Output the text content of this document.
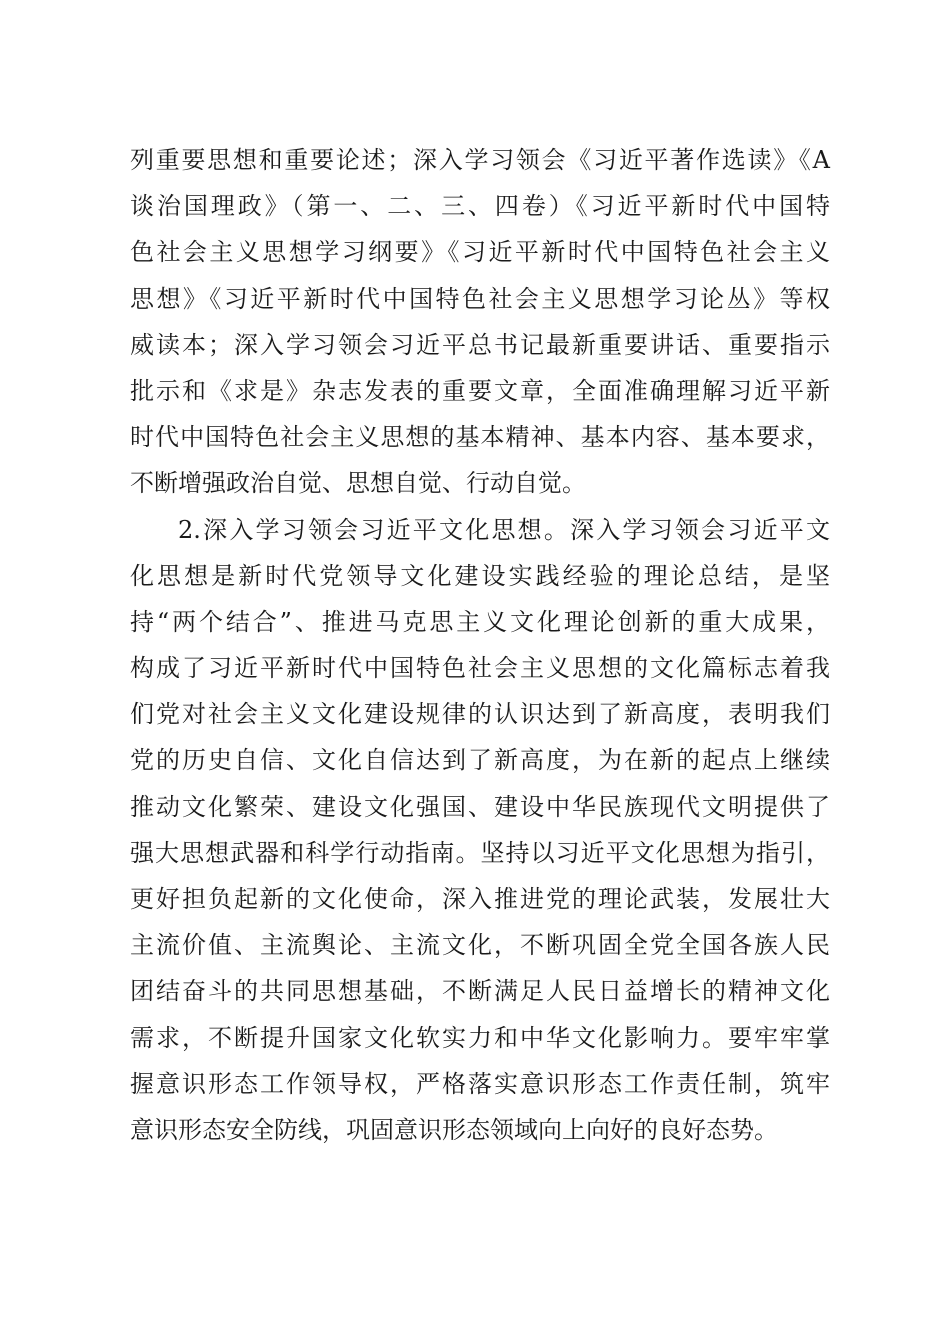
列重要思想和重要论述；深入学习领会《习近平著作选读》《A
谈治国理政》（第一、二、三、四卷）《习近平新时代中国特
色社会主义思想学习纲要》《习近平新时代中国特色社会主义
思想》《习近平新时代中国特色社会主义思想学习论丛》等权
威读本；深入学习领会习近平总书记最新重要讲话、重要指示
批示和《求是》杂志发表的重要文章，全面准确理解习近平新
时代中国特色社会主义思想的基本精神、基本内容、基本要求，
不断增强政治自觉、思想自觉、行动自觉。
2.深入学习领会习近平文化思想。深入学习领会习近平文
化思想是新时代党领导文化建设实践经验的理论总结，是坚
持“两个结合”、推进马克思主义文化理论创新的重大成果，
构成了习近平新时代中国特色社会主义思想的文化篇标志着我
们党对社会主义文化建设规律的认识达到了新高度，表明我们
党的历史自信、文化自信达到了新高度，为在新的起点上继续
推动文化繁荣、建设文化强国、建设中华民族现代文明提供了
强大思想武器和科学行动指南。坚持以习近平文化思想为指引，
更好担负起新的文化使命，深入推进党的理论武装，发展壮大
主流价值、主流舆论、主流文化，不断巩固全党全国各族人民
团结奋斗的共同思想基础，不断满足人民日益增长的精神文化
需求，不断提升国家文化软实力和中华文化影响力。要牢牢掌
握意识形态工作领导权，严格落实意识形态工作责任制，筑牢
意识形态安全防线，巩固意识形态领域向上向好的良好态势。
